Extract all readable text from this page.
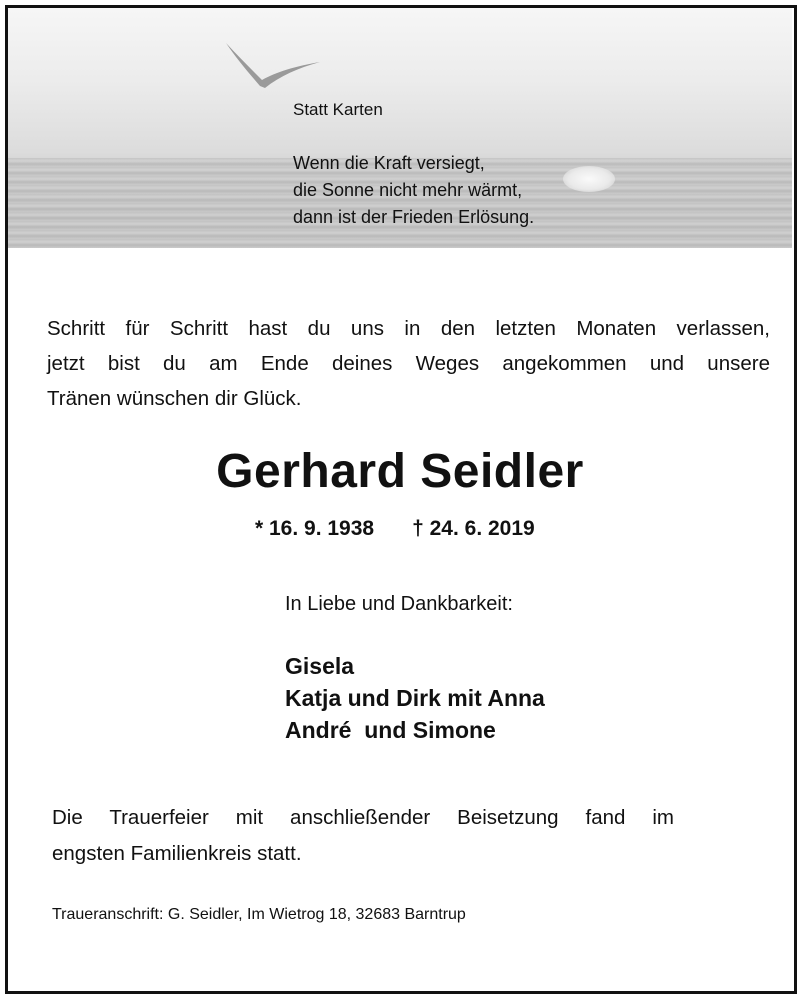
Statt Karten
Wenn die Kraft versiegt,
die Sonne nicht mehr wärmt,
dann ist der Frieden Erlösung.
Schritt für Schritt hast du uns in den letzten Monaten verlassen,
jetzt bist du am Ende deines Weges angekommen und unsere
Tränen wünschen dir Glück.
Gerhard Seidler
* 16. 9. 1938 † 24. 6. 2019
In Liebe und Dankbarkeit:
Gisela
Katja und Dirk mit Anna
André  und Simone
Die Trauerfeier mit anschließender Beisetzung fand im
engsten Familienkreis statt.
Traueranschrift: G. Seidler, Im Wietrog 18, 32683 Barntrup
